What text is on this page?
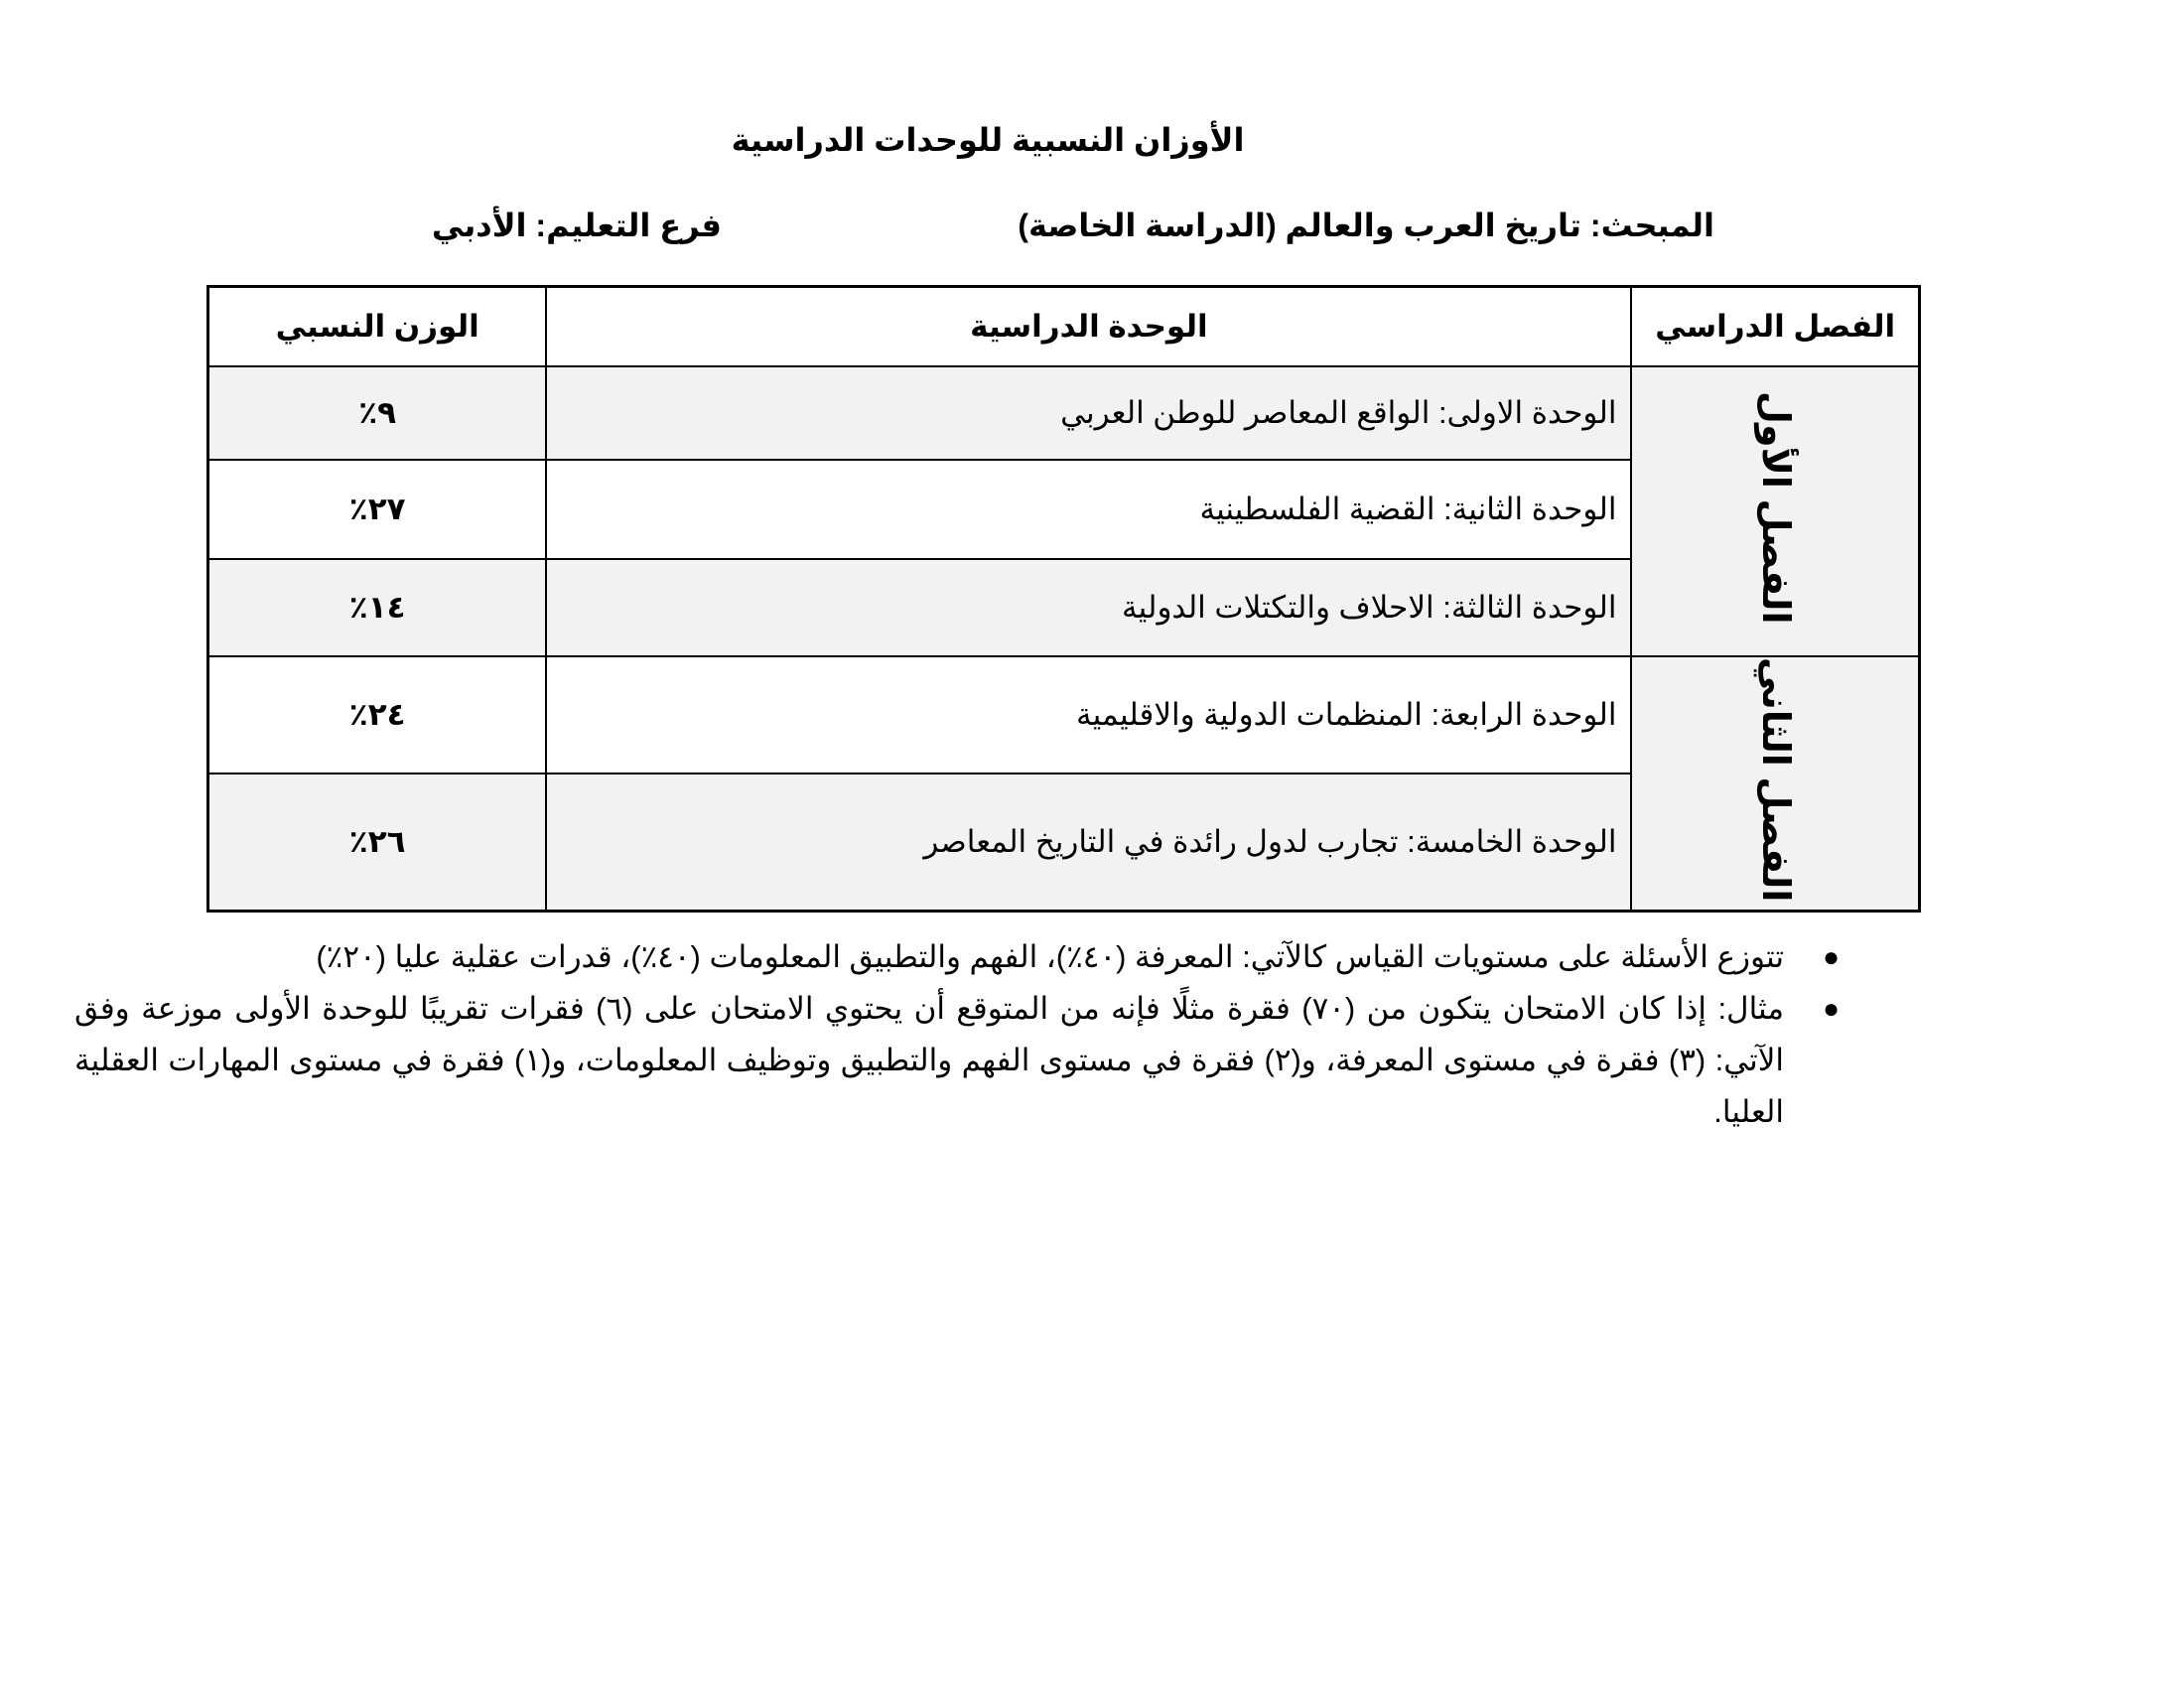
الأوزان النسبية للوحدات الدراسية
المبحث: تاريخ العرب والعالم (الدراسة الخاصة)
فرع التعليم: الأدبي
الفصل الدراسي	الوحدة الدراسية	الوزن النسبي
الفصل الأول	الوحدة الاولى: الواقع المعاصر للوطن العربي	٩٪
	الوحدة الثانية: القضية الفلسطينية	٢٧٪
	الوحدة الثالثة: الاحلاف والتكتلات الدولية	١٤٪
الفصل الثاني	الوحدة الرابعة: المنظمات الدولية والاقليمية	٢٤٪
	الوحدة الخامسة: تجارب لدول رائدة في التاريخ المعاصر	٢٦٪
●
تتوزع الأسئلة على مستويات القياس كالآتي: المعرفة (٤٠٪)، الفهم والتطبيق المعلومات (٤٠٪)، قدرات عقلية عليا (٢٠٪)
●
مثال: إذا كان الامتحان يتكون من (٧٠) فقرة مثلًا فإنه من المتوقع أن يحتوي الامتحان على (٦) فقرات تقريبًا للوحدة الأولى موزعة وفق الآتي: (٣) فقرة في مستوى المعرفة، و(٢) فقرة في مستوى الفهم والتطبيق وتوظيف المعلومات، و(١) فقرة في مستوى المهارات العقلية العليا.
